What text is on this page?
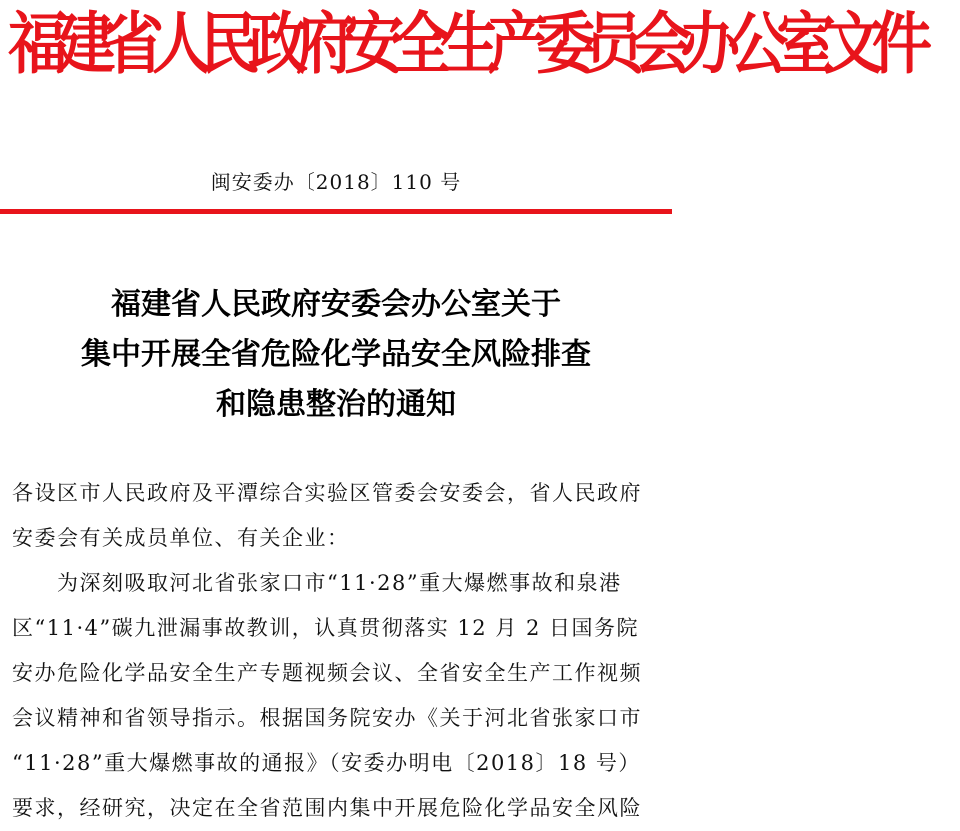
福建省人民政府安全生产委员会办公室文件
闽安委办〔2018〕110 号
福建省人民政府安委会办公室关于
集中开展全省危险化学品安全风险排查
和隐患整治的通知
各设区市人民政府及平潭综合实验区管委会安委会，省人民政府
安委会有关成员单位、有关企业：
　　为深刻吸取河北省张家口市“11·28”重大爆燃事故和泉港
区“11·4”碳九泄漏事故教训，认真贯彻落实 12 月 2 日国务院
安办危险化学品安全生产专题视频会议、全省安全生产工作视频
会议精神和省领导指示。根据国务院安办《关于河北省张家口市
“11·28”重大爆燃事故的通报》（安委办明电〔2018〕18 号）
要求，经研究，决定在全省范围内集中开展危险化学品安全风险
